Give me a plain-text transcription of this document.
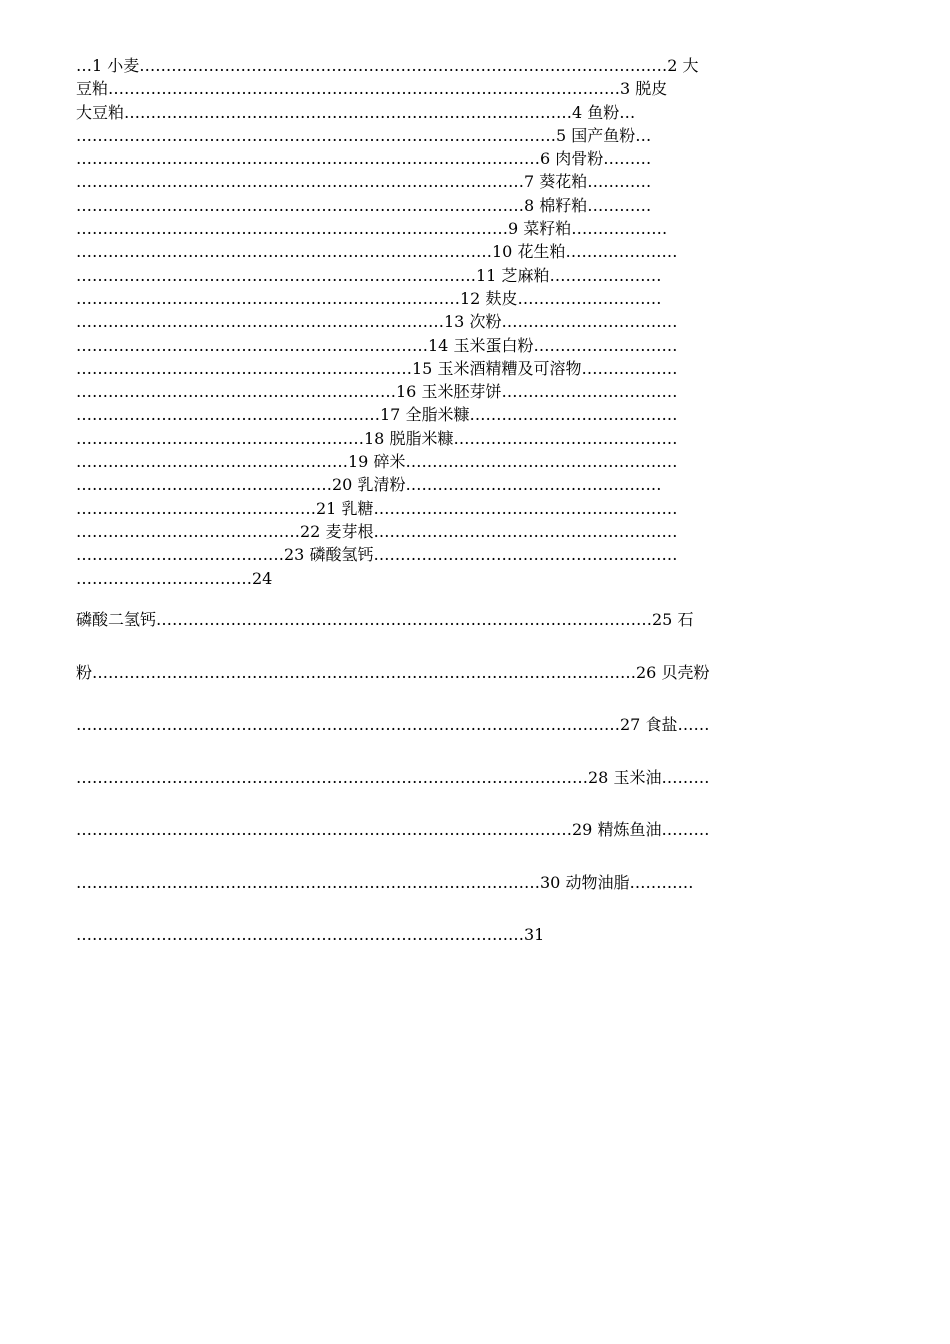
…1 小麦………………………………………………………………………………………2 大
豆粕……………………………………………………………………………………3 脱皮
大豆粕…………………………………………………………………………4 鱼粉…
………………………………………………………………………………5 国产鱼粉…
……………………………………………………………………………6 肉骨粉………
…………………………………………………………………………7 葵花粕…………
…………………………………………………………………………8 棉籽粕…………
………………………………………………………………………9 菜籽粕………………
……………………………………………………………………10 花生粕…………………
…………………………………………………………………11 芝麻粕…………………
………………………………………………………………12 麸皮………………………
……………………………………………………………13 次粉……………………………
…………………………………………………………14 玉米蛋白粉………………………
………………………………………………………15 玉米酒精糟及可溶物………………
……………………………………………………16 玉米胚芽饼……………………………
…………………………………………………17 全脂米糠…………………………………
………………………………………………18 脱脂米糠……………………………………
……………………………………………19 碎米……………………………………………
…………………………………………20 乳清粉…………………………………………
………………………………………21 乳糖…………………………………………………
……………………………………22 麦芽根…………………………………………………
…………………………………23 磷酸氢钙…………………………………………………
……………………………24
磷酸二氢钙…………………………………………………………………………………25 石
粉…………………………………………………………………………………………26 贝壳粉
…………………………………………………………………………………………27 食盐……
……………………………………………………………………………………28 玉米油………
…………………………………………………………………………………29 精炼鱼油………
……………………………………………………………………………30 动物油脂…………
…………………………………………………………………………31
